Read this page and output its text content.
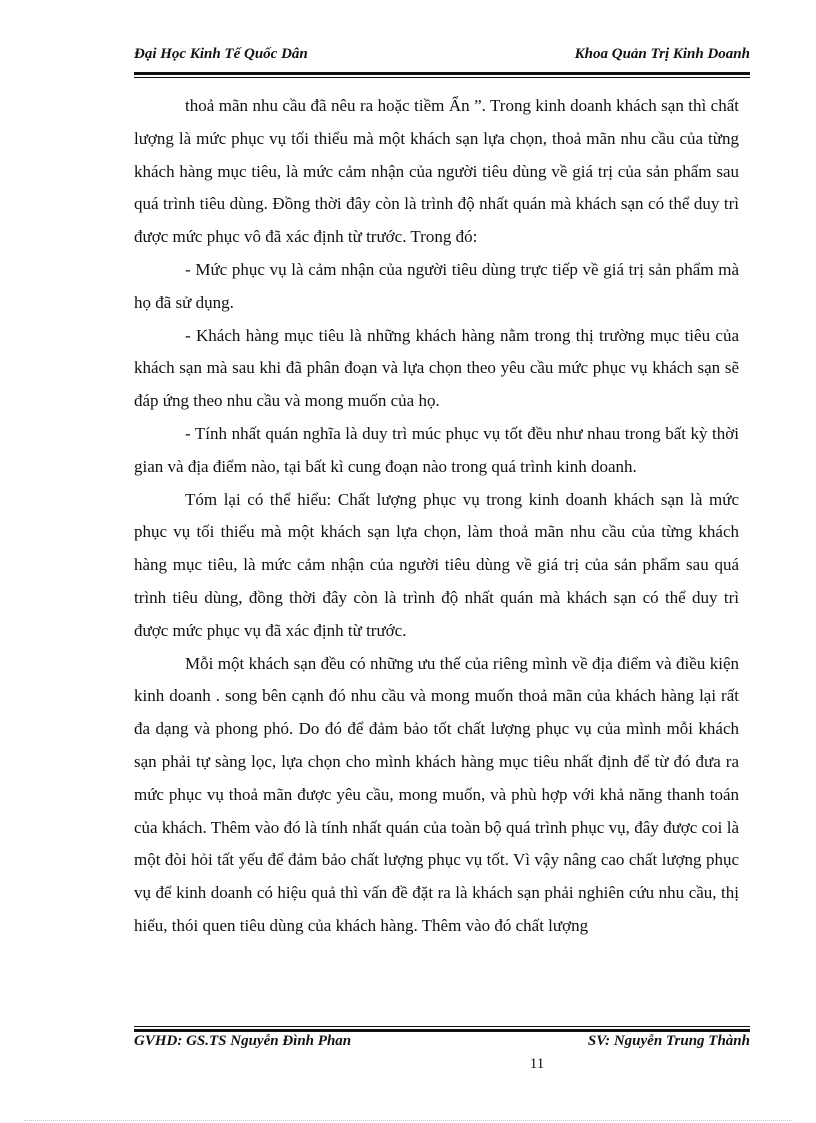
Đại Học Kinh Tế Quốc Dân	Khoa Quản Trị Kinh Doanh

thoả mãn nhu cầu đã nêu ra hoặc tiềm Ẩn ”. Trong kinh doanh khách sạn thì chất lượng là mức phục vụ tối thiểu mà một khách sạn lựa chọn, thoả mãn nhu cầu của từng khách hàng mục tiêu, là mức cảm nhận của người tiêu dùng về giá trị của sản phẩm sau quá trình tiêu dùng. Đồng thời đây còn là trình độ nhất quán mà khách sạn có thể duy trì được mức phục vô đã xác định từ trước. Trong đó:

- Mức phục vụ là cảm nhận của người tiêu dùng trực tiếp về giá trị sản phẩm mà họ đã sử dụng.

- Khách hàng mục tiêu là những khách hàng nằm trong thị trường mục tiêu của khách sạn mà sau khi đã phân đoạn và lựa chọn theo yêu cầu mức phục vụ khách sạn sẽ đáp ứng theo nhu cầu và mong muốn của họ.

- Tính nhất quán nghĩa là duy trì múc phục vụ tốt đều như nhau trong bất kỳ thời gian và địa điểm nào, tại bất kì cung đoạn nào trong quá trình kinh doanh.

Tóm lại có thể hiểu: Chất lượng phục vụ trong kinh doanh khách sạn là mức phục vụ tối thiểu mà một khách sạn lựa chọn, làm thoả mãn nhu cầu của từng khách hàng mục tiêu, là mức cảm nhận của người tiêu dùng về giá trị của sản phẩm sau quá trình tiêu dùng, đồng thời đây còn là trình độ nhất quán mà khách sạn có thể duy trì được mức phục vụ đã xác định từ trước.

Mỗi một khách sạn đều có những ưu thế của riêng mình về địa điểm và điều kiện kinh doanh . song bên cạnh đó nhu cầu và mong muốn thoả mãn của khách hàng lại rất đa dạng và phong phó. Do đó để đảm bảo tốt chất lượng phục vụ của mình mỗi khách sạn phải tự sàng lọc, lựa chọn cho mình khách hàng mục tiêu nhất định để từ đó đưa ra mức phục vụ thoả mãn được yêu cầu, mong muốn, và phù hợp với khả năng thanh toán của khách. Thêm vào đó là tính nhất quán của toàn bộ quá trình phục vụ, đây được coi là một đòi hỏi tất yếu để đảm bảo chất lượng phục vụ tốt. Vì vậy nâng cao chất lượng phục vụ để kinh doanh có hiệu quả thì vấn đề đặt ra là khách sạn phải nghiên cứu nhu cầu, thị hiếu, thói quen tiêu dùng của khách hàng. Thêm vào đó chất lượng

GVHD: GS.TS Nguyễn Đình Phan	SV: Nguyễn Trung Thành
11
